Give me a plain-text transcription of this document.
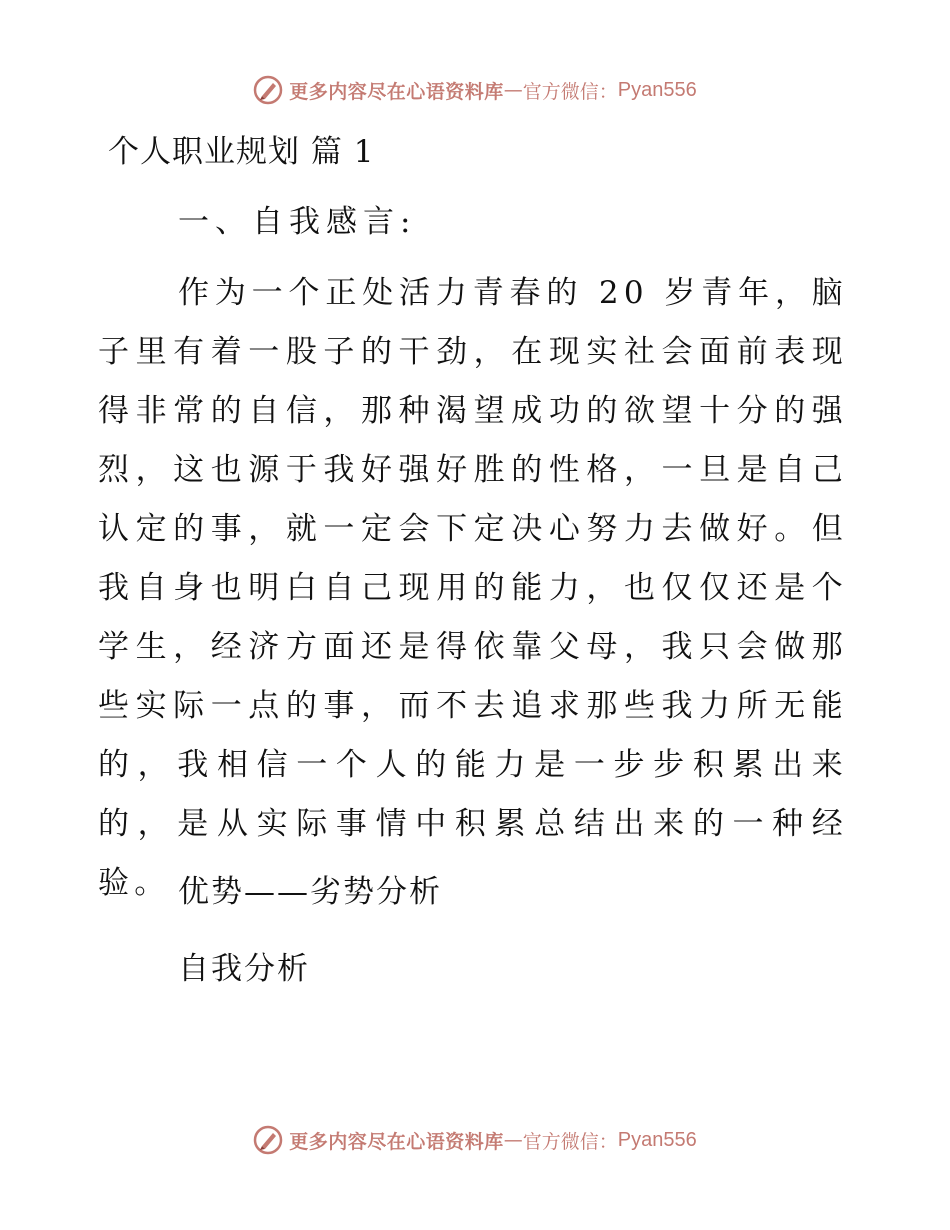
更多内容尽在心语资料库 — 官方微信： Pyan556
个人职业规划 篇 1
一、自我感言:

作为一个正处活力青春的 20 岁青年，脑子里有着一股子的干劲，在现实社会面前表现得非常的自信，那种渴望成功的欲望十分的强烈，这也源于我好强好胜的性格，一旦是自己认定的事，就一定会下定决心努力去做好。但我自身也明白自己现用的能力，也仅仅还是个学生，经济方面还是得依靠父母，我只会做那些实际一点的事，而不去追求那些我力所无能的，我相信一个人的能力是一步步积累出来的，是从实际事情中积累总结出来的一种经验。 优势——劣势分析
自我分析
更多内容尽在心语资料库 — 官方微信： Pyan556
